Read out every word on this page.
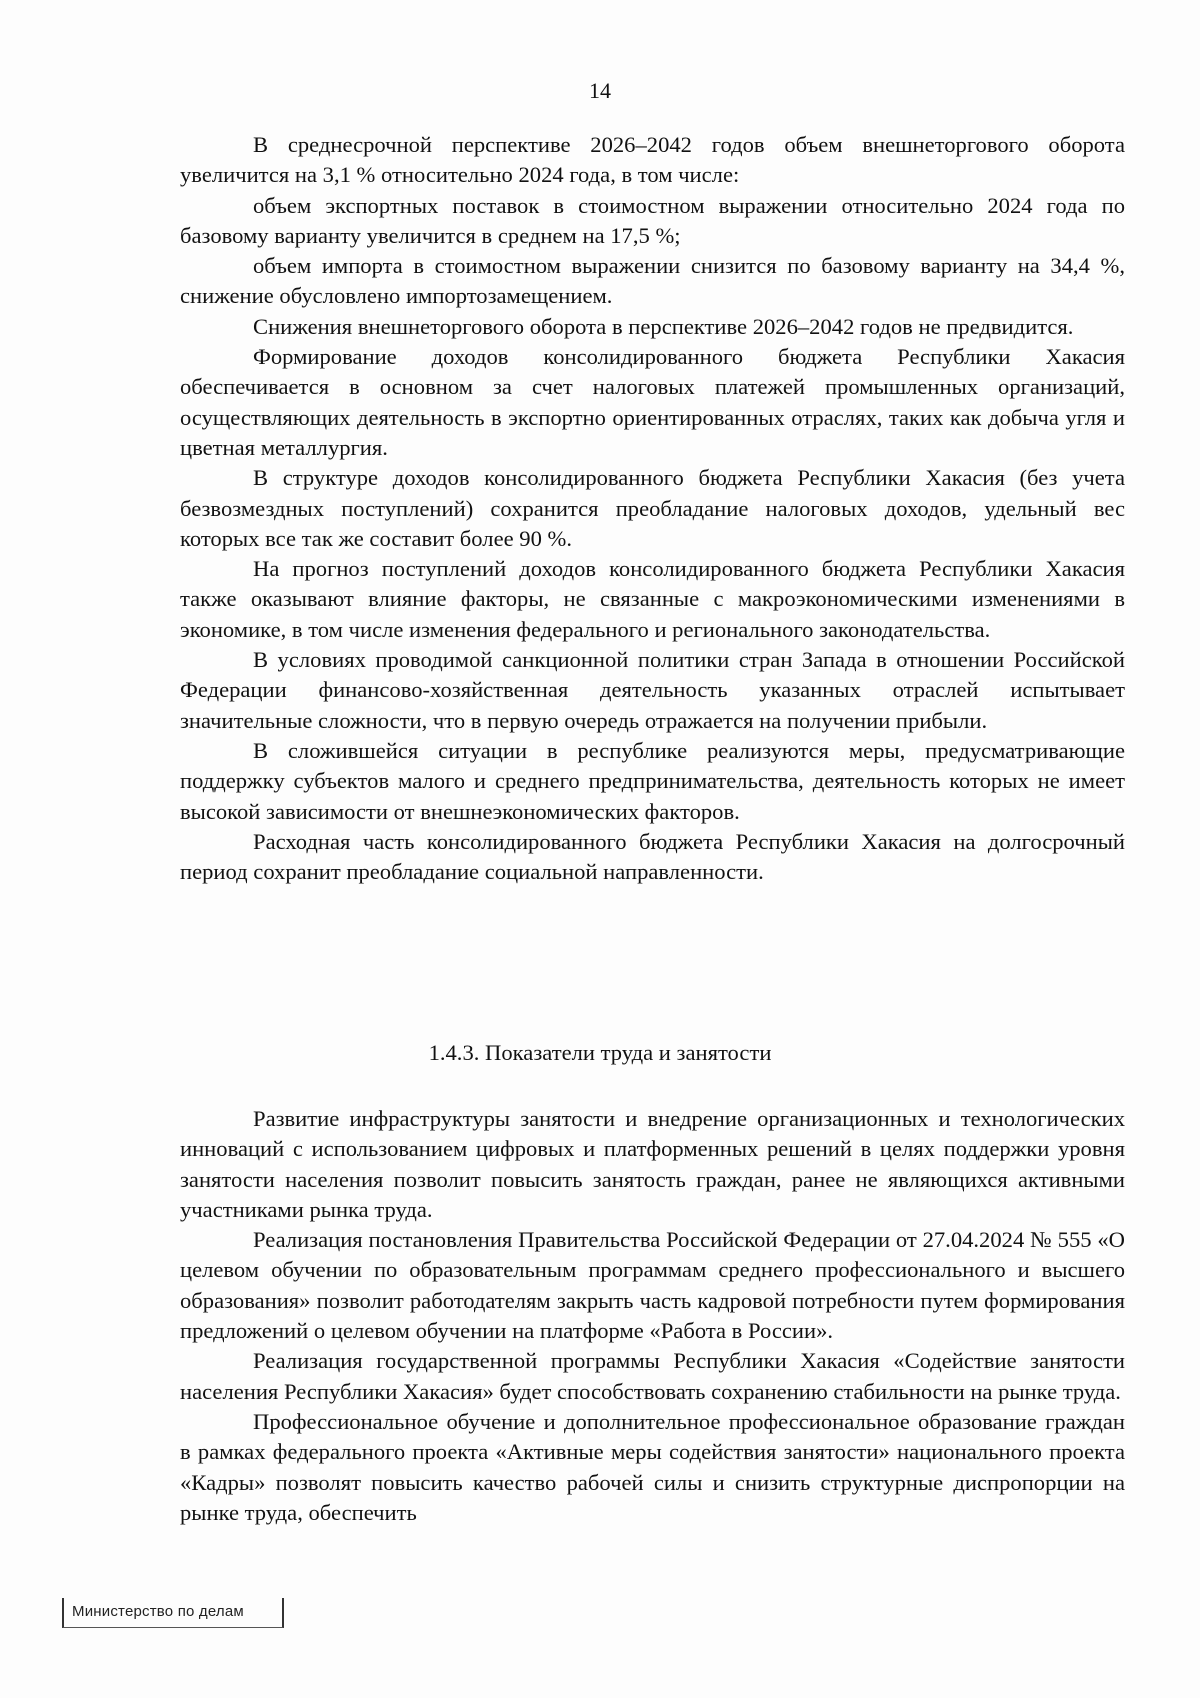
14

В среднесрочной перспективе 2026–2042 годов объем внешнеторгового оборота увеличится на 3,1 % относительно 2024 года, в том числе:

объем экспортных поставок в стоимостном выражении относительно 2024 года по базовому варианту увеличится в среднем на 17,5 %;

объем импорта в стоимостном выражении снизится по базовому варианту на 34,4 %, снижение обусловлено импортозамещением.

Снижения внешнеторгового оборота в перспективе 2026–2042 годов не предвидится.

Формирование доходов консолидированного бюджета Республики Хакасия обеспечивается в основном за счет налоговых платежей промышленных организаций, осуществляющих деятельность в экспортно ориентированных отраслях, таких как добыча угля и цветная металлургия.

В структуре доходов консолидированного бюджета Республики Хакасия (без учета безвозмездных поступлений) сохранится преобладание налоговых доходов, удельный вес которых все так же составит более 90 %.

На прогноз поступлений доходов консолидированного бюджета Республики Хакасия также оказывают влияние факторы, не связанные с макроэкономическими изменениями в экономике, в том числе изменения федерального и регионального законодательства.

В условиях проводимой санкционной политики стран Запада в отношении Российской Федерации финансово-хозяйственная деятельность указанных отраслей испытывает значительные сложности, что в первую очередь отражается на получении прибыли.

В сложившейся ситуации в республике реализуются меры, предусматривающие поддержку субъектов малого и среднего предпринимательства, деятельность которых не имеет высокой зависимости от внешнеэкономических факторов.

Расходная часть консолидированного бюджета Республики Хакасия на долгосрочный период сохранит преобладание социальной направленности.

1.4.3. Показатели труда и занятости

Развитие инфраструктуры занятости и внедрение организационных и технологических инноваций с использованием цифровых и платформенных решений в целях поддержки уровня занятости населения позволит повысить занятость граждан, ранее не являющихся активными участниками рынка труда.

Реализация постановления Правительства Российской Федерации от 27.04.2024 № 555 «О целевом обучении по образовательным программам среднего профессионального и высшего образования» позволит работодателям закрыть часть кадровой потребности путем формирования предложений о целевом обучении на платформе «Работа в России».

Реализация государственной программы Республики Хакасия «Содействие занятости населения Республики Хакасия» будет способствовать сохранению стабильности на рынке труда.

Профессиональное обучение и дополнительное профессиональное образование граждан в рамках федерального проекта «Активные меры содействия занятости» национального проекта «Кадры» позволят повысить качество рабочей силы и снизить структурные диспропорции на рынке труда, обеспечить

Министерство по делам
